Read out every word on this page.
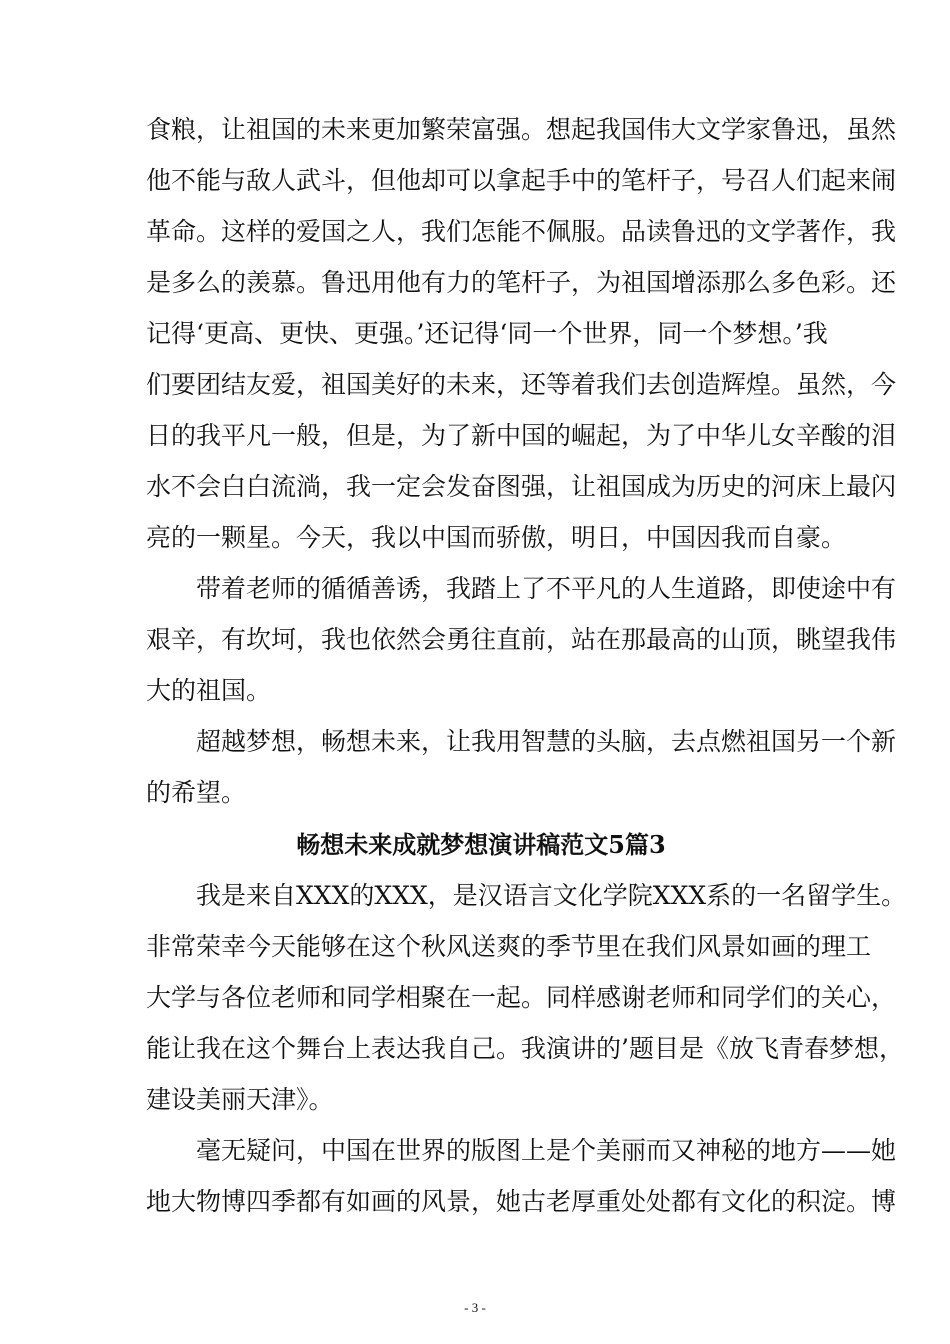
食粮，让祖国的未来更加繁荣富强。想起我国伟大文学家鲁迅，虽然
他不能与敌人武斗，但他却可以拿起手中的笔杆子，号召人们起来闹
革命。这样的爱国之人，我们怎能不佩服。品读鲁迅的文学著作，我
是多么的羡慕。鲁迅用他有力的笔杆子，为祖国增添那么多色彩。还
记得‘更高、更快、更强。’还记得‘同一个世界，同一个梦想。’我
们要团结友爱，祖国美好的未来，还等着我们去创造辉煌。虽然，今
日的我平凡一般，但是，为了新中国的崛起，为了中华儿女辛酸的泪
水不会白白流淌，我一定会发奋图强，让祖国成为历史的河床上最闪
亮的一颗星。今天，我以中国而骄傲，明日，中国因我而自豪。
带着老师的循循善诱，我踏上了不平凡的人生道路，即使途中有
艰辛，有坎坷，我也依然会勇往直前，站在那最高的山顶，眺望我伟
大的祖国。
超越梦想，畅想未来，让我用智慧的头脑，去点燃祖国另一个新
的希望。
畅想未来成就梦想演讲稿范文5篇3
我是来自XXX的XXX，是汉语言文化学院XXX系的一名留学生。
非常荣幸今天能够在这个秋风送爽的季节里在我们风景如画的理工
大学与各位老师和同学相聚在一起。同样感谢老师和同学们的关心，
能让我在这个舞台上表达我自己。我演讲的’题目是《放飞青春梦想，
建设美丽天津》。
毫无疑问，中国在世界的版图上是个美丽而又神秘的地方——她
地大物博四季都有如画的风景，她古老厚重处处都有文化的积淀。博
- 3 -
